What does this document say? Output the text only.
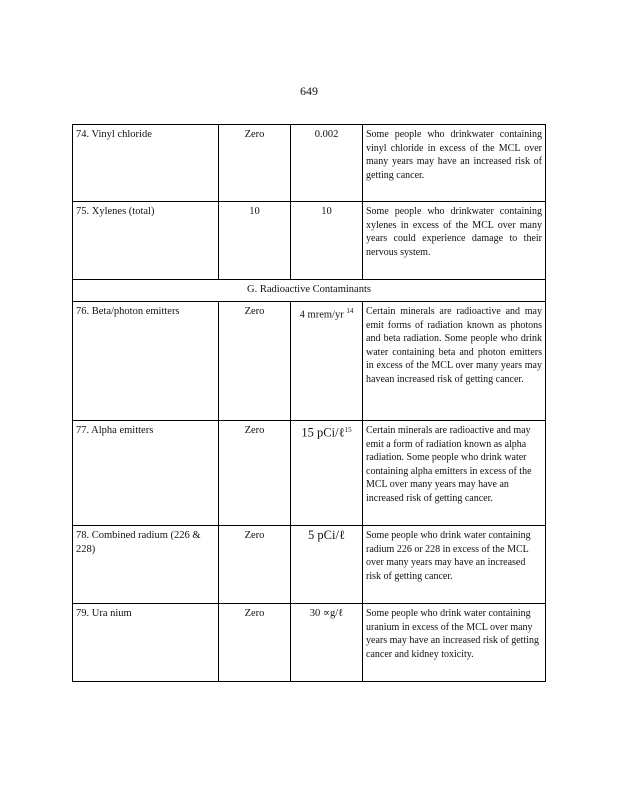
649
74. Vinyl chloride	Zero	0.002	Some people who drinkwater containing vinyl chloride in excess of the MCL over many years may have an increased risk of getting cancer.
75. Xylenes (total)	10	10	Some people who drinkwater containing xylenes in excess of the MCL over many years could experience damage to their nervous system.
G. Radioactive Contaminants			
76. Beta/photon emitters	Zero	4 mrem/yr $^{14}$	Certain minerals are radioactive and may emit forms of radiation known as photons and beta radiation. Some people who drink water containing beta and photon emitters in excess of the MCL over many years may havean increased risk of getting cancer.
77. Alpha emitters	Zero	15 pCi/ℓ$^{15}$	Certain minerals are radioactive and may emit a form of radiation known as alpha radiation. Some people who drink water containing alpha emitters in excess of the MCL over many years may have an increased risk of getting cancer.
78. Combined radium (226 & 228)	Zero	5 pCi/ℓ	Some people who drink water containing radium 226 or 228 in excess of the MCL over many years may have an increased risk of getting cancer.
79. Ura nium	Zero	30 ∝g/ℓ	Some people who drink water containing uranium in excess of the MCL over many years may have an increased risk of getting cancer and kidney toxicity.
